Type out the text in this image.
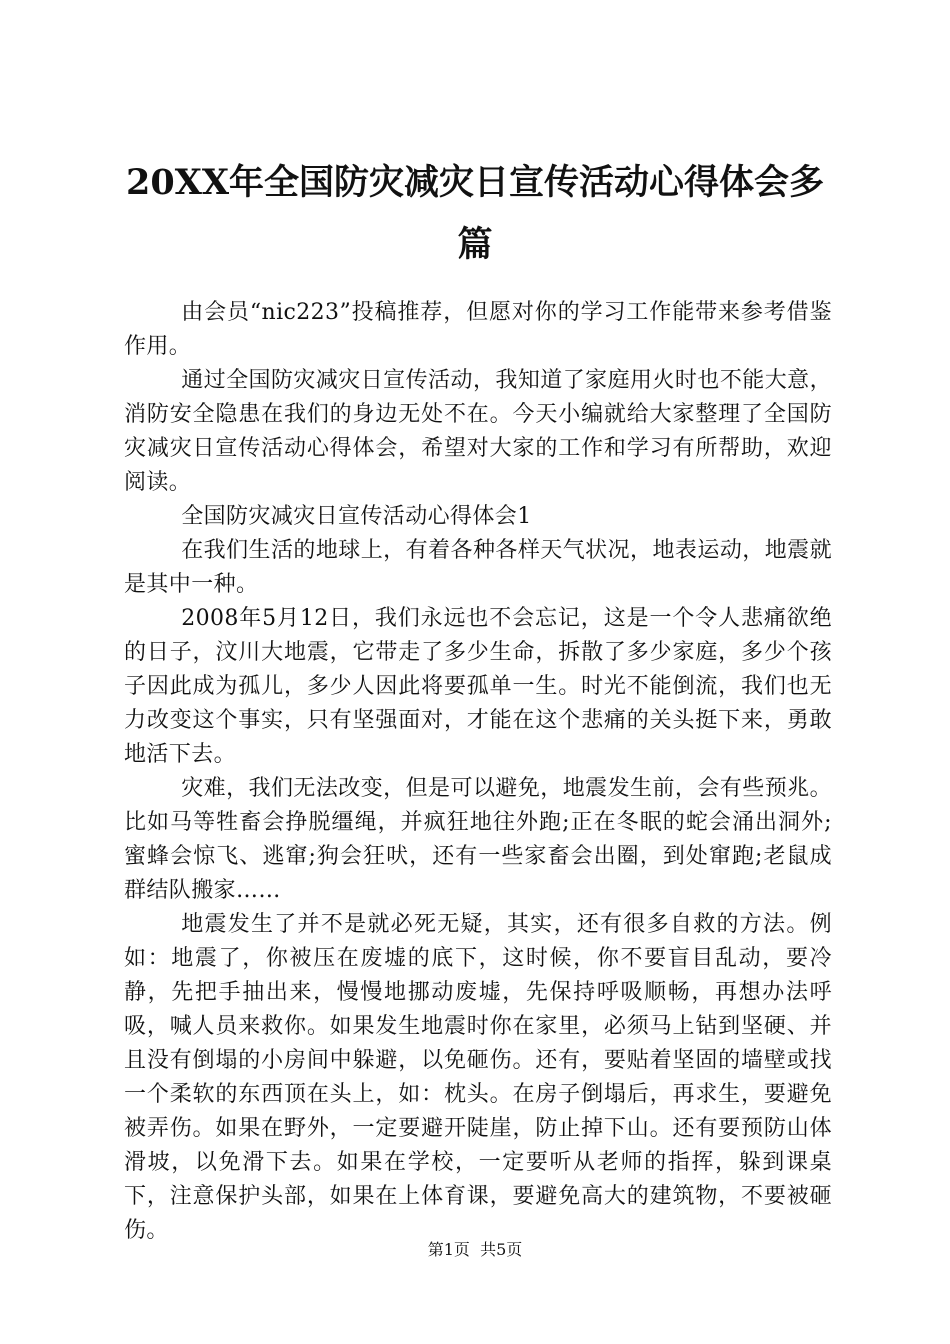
20XX年全国防灾减灾日宣传活动心得体会多篇

由会员“nic223”投稿推荐，但愿对你的学习工作能带来参考借鉴作用。

通过全国防灾减灾日宣传活动，我知道了家庭用火时也不能大意，消防安全隐患在我们的身边无处不在。今天小编就给大家整理了全国防灾减灾日宣传活动心得体会，希望对大家的工作和学习有所帮助，欢迎阅读。

全国防灾减灾日宣传活动心得体会1

在我们生活的地球上，有着各种各样天气状况，地表运动，地震就是其中一种。

2008年5月12日，我们永远也不会忘记，这是一个令人悲痛欲绝的日子，汶川大地震，它带走了多少生命，拆散了多少家庭，多少个孩子因此成为孤儿，多少人因此将要孤单一生。时光不能倒流，我们也无力改变这个事实，只有坚强面对，才能在这个悲痛的关头挺下来，勇敢地活下去。

灾难，我们无法改变，但是可以避免，地震发生前，会有些预兆。比如马等牲畜会挣脱缰绳，并疯狂地往外跑;正在冬眠的蛇会涌出洞外;蜜蜂会惊飞、逃窜;狗会狂吠，还有一些家畜会出圈，到处窜跑;老鼠成群结队搬家……

地震发生了并不是就必死无疑，其实，还有很多自救的方法。例如：地震了，你被压在废墟的底下，这时候，你不要盲目乱动，要冷静，先把手抽出来，慢慢地挪动废墟，先保持呼吸顺畅，再想办法呼吸，喊人员来救你。如果发生地震时你在家里，必须马上钻到坚硬、并且没有倒塌的小房间中躲避，以免砸伤。还有，要贴着坚固的墙壁或找一个柔软的东西顶在头上，如：枕头。在房子倒塌后，再求生，要避免被弄伤。如果在野外，一定要避开陡崖，防止掉下山。还有要预防山体滑坡，以免滑下去。如果在学校，一定要听从老师的指挥，躲到课桌下，注意保护头部，如果在上体育课，要避免高大的建筑物，不要被砸伤。

第1页  共5页
